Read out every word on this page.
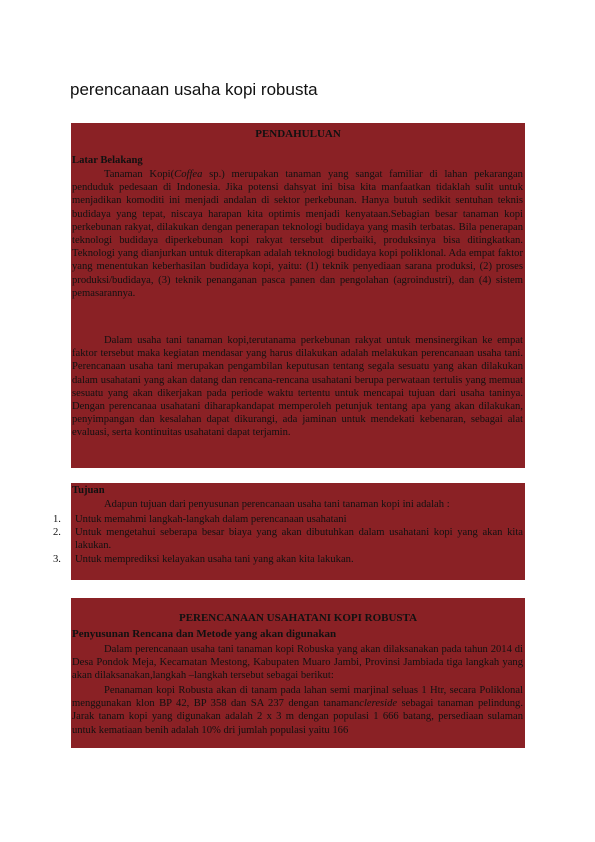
perencanaan usaha kopi robusta
PENDAHULUAN
Latar Belakang
Tanaman Kopi(Coffea sp.) merupakan tanaman yang sangat familiar di lahan pekarangan penduduk pedesaan di Indonesia. Jika potensi dahsyat ini bisa kita manfaatkan tidaklah sulit untuk menjadikan komoditi ini menjadi andalan di sektor perkebunan. Hanya butuh sedikit sentuhan teknis budidaya yang tepat, niscaya harapan kita optimis menjadi kenyataan.Sebagian besar tanaman kopi perkebunan rakyat, dilakukan dengan penerapan teknologi budidaya yang masih terbatas. Bila penerapan teknologi budidaya diperkebunan kopi rakyat tersebut diperbaiki, produksinya bisa ditingkatkan. Teknologi yang dianjurkan untuk diterapkan adalah teknologi budidaya kopi poliklonal. Ada empat faktor yang menentukan keberhasilan budidaya kopi, yaitu: (1) teknik penyediaan sarana produksi, (2) proses produksi/budidaya, (3) teknik penanganan pasca panen dan pengolahan (agroindustri), dan (4) sistem pemasarannya.
Dalam usaha tani tanaman kopi,terutanama perkebunan rakyat untuk mensinergikan ke empat faktor tersebut maka kegiatan mendasar yang harus dilakukan adalah melakukan perencanaan usaha tani. Perencanaan usaha tani merupakan pengambilan keputusan tentang segala sesuatu yang akan dilakukan dalam usahatani yang akan datang dan rencana-rencana usahatani berupa perwataan tertulis yang memuat sesuatu yang akan dikerjakan pada periode waktu tertentu untuk mencapai tujuan dari usaha taninya. Dengan perencanaa usahatani diharapkandapat memperoleh petunjuk tentang apa yang akan dilakukan, penyimpangan dan kesalahan dapat dikurangi, ada jaminan untuk mendekati kebenaran, sebagai alat evaluasi, serta kontinuitas usahatani dapat terjamin.
Tujuan
Adapun tujuan dari penyusunan perencanaan usaha tani tanaman kopi ini adalah :
1. Untuk memahmi langkah-langkah dalam perencanaan usahatani
2. Untuk mengetahui seberapa besar biaya yang akan dibutuhkan dalam usahatani kopi yang akan kita lakukan.
3. Untuk memprediksi kelayakan usaha tani yang akan kita lakukan.
PERENCANAAN USAHATANI KOPI ROBUSTA
Penyusunan Rencana dan Metode yang akan digunakan
Dalam perencanaan usaha tani tanaman kopi Robuska yang akan dilaksanakan pada tahun 2014 di Desa Pondok Meja, Kecamatan Mestong, Kabupaten Muaro Jambi, Provinsi Jambiada tiga langkah yang akan dilaksanakan,langkah –langkah tersebut sebagai berikut:
Penanaman kopi Robusta akan di tanam pada lahan semi marjinal seluas 1 Htr, secara Poliklonal menggunakan klon BP 42, BP 358 dan SA 237 dengan tanamanclereside sebagai tanaman pelindung. Jarak tanam kopi yang digunakan adalah 2 x 3 m dengan populasi 1 666 batang, persediaan sulaman untuk kematiaan benih adalah 10% dri jumlah populasi yaitu 166
